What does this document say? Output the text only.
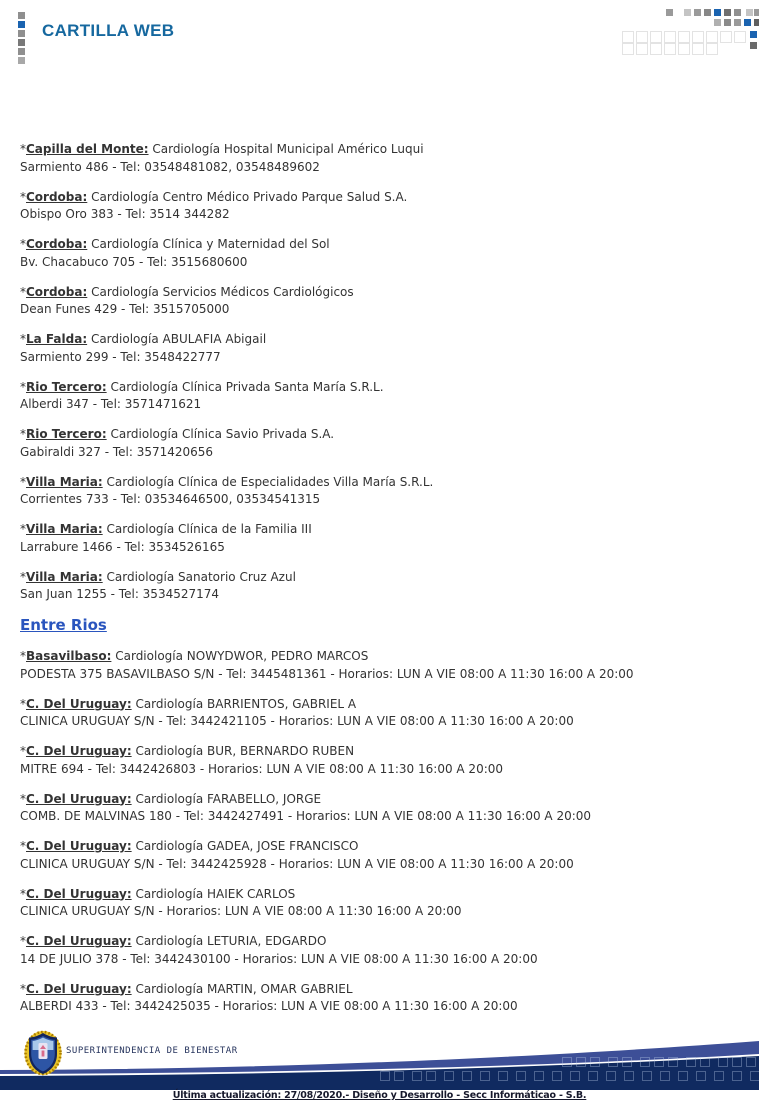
CARTILLA WEB
*Capilla del Monte: Cardiología Hospital Municipal Américo Luqui
Sarmiento 486 - Tel: 03548481082, 03548489602
*Cordoba: Cardiología Centro Médico Privado Parque Salud S.A.
Obispo Oro 383 - Tel: 3514 344282
*Cordoba: Cardiología Clínica y Maternidad del Sol
Bv. Chacabuco 705 - Tel: 3515680600
*Cordoba: Cardiología Servicios Médicos Cardiológicos
Dean Funes 429 - Tel: 3515705000
*La Falda: Cardiología ABULAFIA Abigail
Sarmiento 299 - Tel: 3548422777
*Rio Tercero: Cardiología Clínica Privada Santa María S.R.L.
Alberdi 347 - Tel: 3571471621
*Rio Tercero: Cardiología Clínica Savio Privada S.A.
Gabiraldi 327 - Tel: 3571420656
*Villa Maria: Cardiología Clínica de Especialidades Villa María S.R.L.
Corrientes 733 - Tel: 03534646500, 03534541315
*Villa Maria: Cardiología Clínica de la Familia III
Larrabure 1466 - Tel: 3534526165
*Villa Maria: Cardiología Sanatorio Cruz Azul
San Juan 1255 - Tel: 3534527174
Entre Rios
*Basavilbaso: Cardiología NOWYDWOR, PEDRO MARCOS
PODESTA 375 BASAVILBASO S/N - Tel: 3445481361 - Horarios: LUN A VIE 08:00 A 11:30 16:00 A 20:00
*C. Del Uruguay: Cardiología BARRIENTOS, GABRIEL A
CLINICA URUGUAY S/N - Tel: 3442421105 - Horarios: LUN A VIE 08:00 A 11:30 16:00 A 20:00
*C. Del Uruguay: Cardiología BUR, BERNARDO RUBEN
MITRE 694 - Tel: 3442426803 - Horarios: LUN A VIE 08:00 A 11:30 16:00 A 20:00
*C. Del Uruguay: Cardiología FARABELLO, JORGE
COMB. DE MALVINAS 180 - Tel: 3442427491 - Horarios: LUN A VIE 08:00 A 11:30 16:00 A 20:00
*C. Del Uruguay: Cardiología GADEA, JOSE FRANCISCO
CLINICA URUGUAY S/N - Tel: 3442425928 - Horarios: LUN A VIE 08:00 A 11:30 16:00 A 20:00
*C. Del Uruguay: Cardiología HAIEK CARLOS
CLINICA URUGUAY S/N - Horarios: LUN A VIE 08:00 A 11:30 16:00 A 20:00
*C. Del Uruguay: Cardiología LETURIA, EDGARDO
14 DE JULIO 378 - Tel: 3442430100 - Horarios: LUN A VIE 08:00 A 11:30 16:00 A 20:00
*C. Del Uruguay: Cardiología MARTIN, OMAR GABRIEL
ALBERDI 433 - Tel: 3442425035 - Horarios: LUN A VIE 08:00 A 11:30 16:00 A 20:00
SUPERINTENDENCIA DE BIENESTAR
Última actualización: 27/08/2020.- Diseño y Desarrollo - Secc Informáticao - S.B.
